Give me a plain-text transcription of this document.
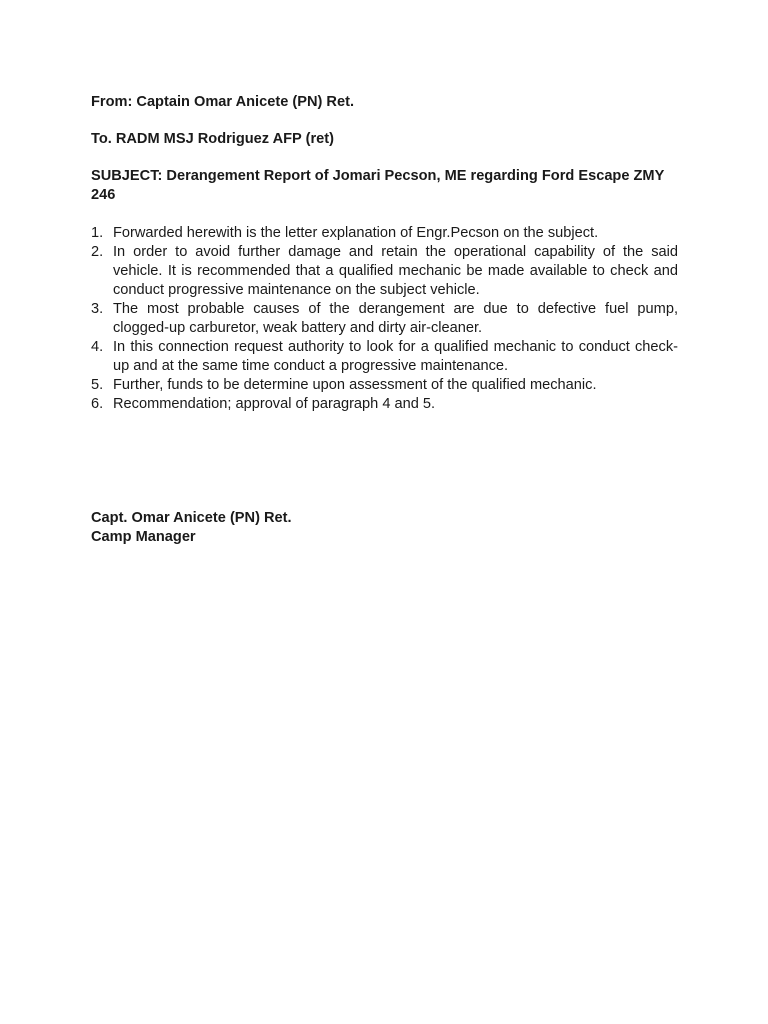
From: Captain Omar Anicete (PN) Ret.

To. RADM MSJ Rodriguez AFP (ret)

SUBJECT: Derangement Report of Jomari Pecson, ME regarding Ford Escape ZMY 246

1. Forwarded herewith is the letter explanation of Engr.Pecson on the subject.
2. In order to avoid further damage and retain the operational capability of the said vehicle. It is recommended that a qualified mechanic be made available to check and conduct progressive maintenance on the subject vehicle.
3. The most probable causes of the derangement are due to defective fuel pump, clogged-up carburetor, weak battery and dirty air-cleaner.
4. In this connection request authority to look for a qualified mechanic to conduct check-up and at the same time conduct a progressive maintenance.
5. Further, funds to be determine upon assessment of the qualified mechanic.
6. Recommendation; approval of paragraph 4 and 5.

Capt. Omar Anicete (PN) Ret.

Camp Manager
